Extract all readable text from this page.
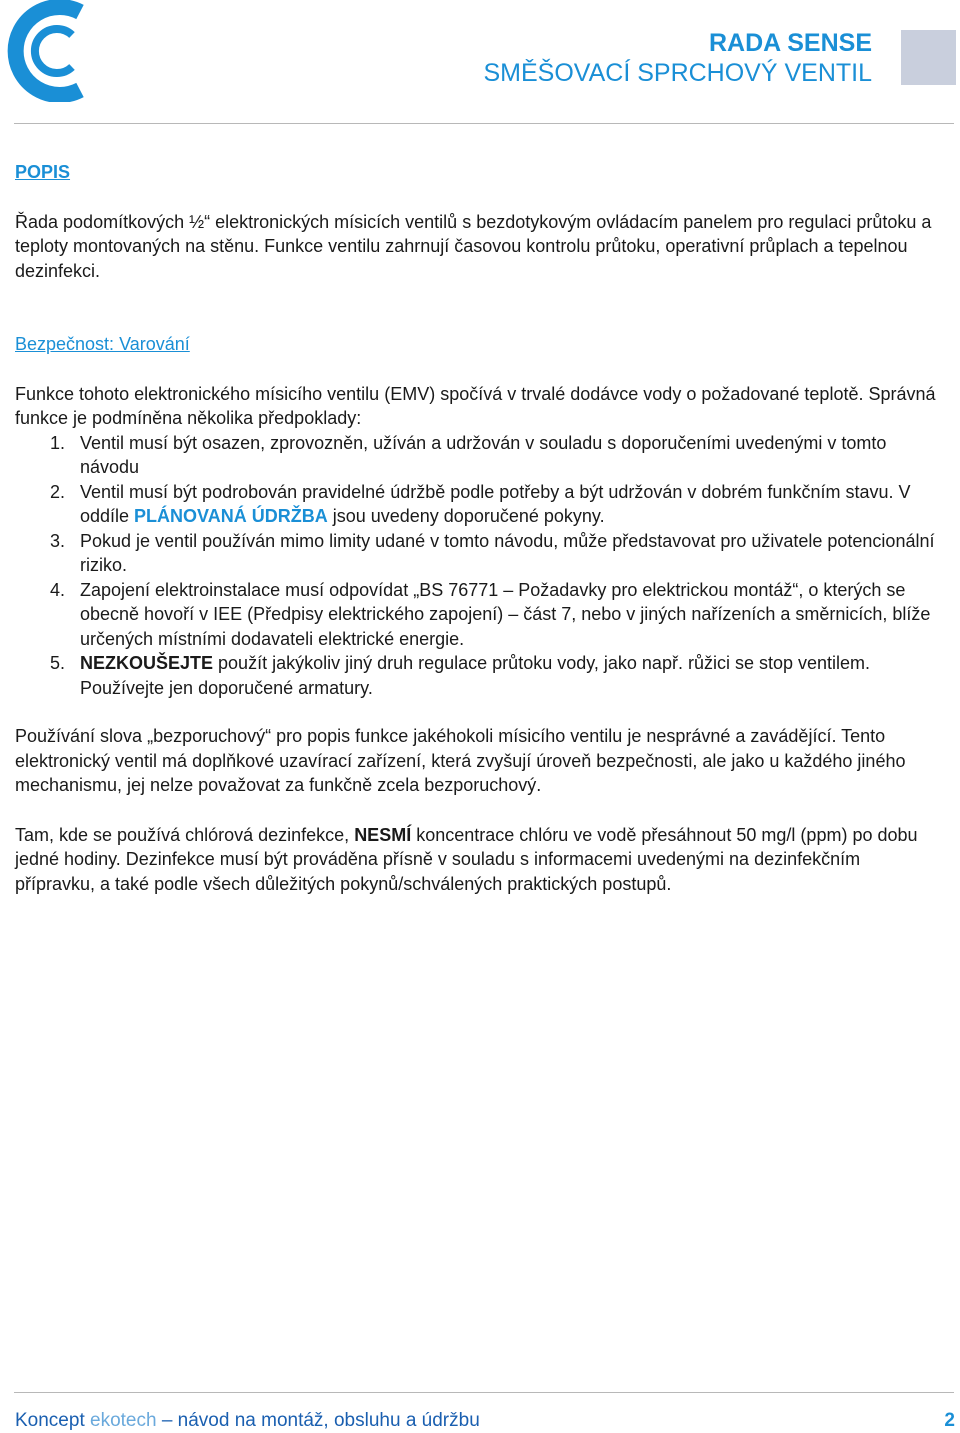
RADA SENSE
SMĚŠOVACÍ SPRCHOVÝ VENTIL

POPIS

Řada podomítkových ½“ elektronických mísicích ventilů s bezdotykovým ovládacím panelem pro regulaci průtoku a teploty montovaných na stěnu. Funkce ventilu zahrnují časovou kontrolu průtoku, operativní průplach a tepelnou dezinfekci.

Bezpečnost: Varování

Funkce tohoto elektronického mísicího ventilu (EMV) spočívá v trvalé dodávce vody o požadované teplotě. Správná funkce je podmíněna několika předpoklady:

1. Ventil musí být osazen, zprovozněn, užíván a udržován v souladu s doporučeními uvedenými v tomto návodu
2. Ventil musí být podrobován pravidelné údržbě podle potřeby a být udržován v dobrém funkčním stavu. V oddíle PLÁNOVANÁ ÚDRŽBA jsou uvedeny doporučené pokyny.
3. Pokud je ventil používán mimo limity udané v tomto návodu, může představovat pro uživatele potencionální riziko.
4. Zapojení elektroinstalace musí odpovídat „BS 76771 – Požadavky pro elektrickou montáž“, o kterých se obecně hovoří v IEE (Předpisy elektrického zapojení) – část 7, nebo v jiných nařízeních a směrnicích, blíže určených místními dodavateli elektrické energie.
5. NEZKOUŠEJTE použít jakýkoliv jiný druh regulace průtoku vody, jako např. růžici se stop ventilem. Používejte jen doporučené armatury.

Používání slova „bezporuchový“ pro popis funkce jakéhokoli mísicího ventilu je nesprávné a zavádějící. Tento elektronický ventil má doplňkové uzavírací zařízení, která zvyšují úroveň bezpečnosti, ale jako u každého jiného mechanismu, jej nelze považovat za funkčně zcela bezporuchový.

Tam, kde se používá chlórová dezinfekce, NESMÍ koncentrace chlóru ve vodě přesáhnout 50 mg/l (ppm) po dobu jedné hodiny. Dezinfekce musí být prováděna přísně v souladu s informacemi uvedenými na dezinfekčním přípravku, a také podle všech důležitých pokynů/schválených praktických postupů.

Koncept ekotech – návod na montáž, obsluhu a údržbu	2
